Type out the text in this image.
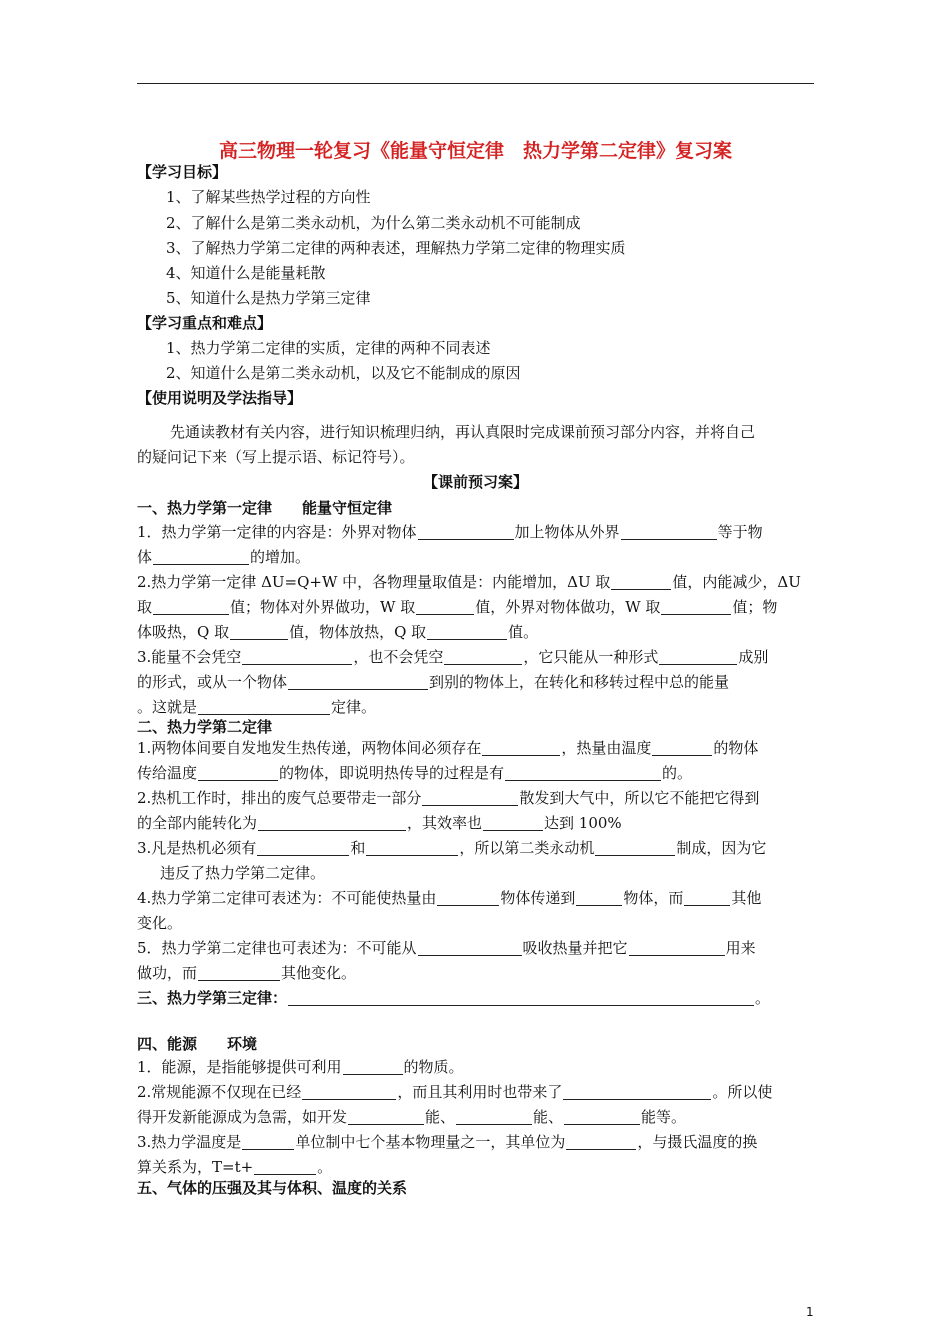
高三物理一轮复习《能量守恒定律　热力学第二定律》复习案
【学习目标】
1、了解某些热学过程的方向性
2、了解什么是第二类永动机，为什么第二类永动机不可能制成
3、了解热力学第二定律的两种表述，理解热力学第二定律的物理实质
4、知道什么是能量耗散
5、知道什么是热力学第三定律
【学习重点和难点】
1、热力学第二定律的实质，定律的两种不同表述
2、知道什么是第二类永动机，以及它不能制成的原因
【使用说明及学法指导】
先通读教材有关内容，进行知识梳理归纳，再认真限时完成课前预习部分内容，并将自己
的疑问记下来（写上提示语、标记符号）。
【课前预习案】
一、热力学第一定律　　能量守恒定律
1．热力学第一定律的内容是：外界对物体	加上物体从外界	等于物
体	的增加。
2.热力学第一定律 ΔU=Q+W 中，各物理量取值是：内能增加，ΔU 取	值，内能减少，ΔU
取	值；物体对外界做功，W 取	值，外界对物体做功，W 取	值；物
体吸热，Q 取	值，物体放热，Q 取	值。
3.能量不会凭空	，也不会凭空	，它只能从一种形式	成别
的形式，或从一个物体	到别的物体上，在转化和移转过程中总的能量
。这就是	定律。
二、热力学第二定律
1.两物体间要自发地发生热传递，两物体间必须存在	，热量由温度	的物体
传给温度	的物体，即说明热传导的过程是有	的。
2.热机工作时，排出的废气总要带走一部分	散发到大气中，所以它不能把它得到
的全部内能转化为	，其效率也	达到 100%
3.凡是热机必须有	和	，所以第二类永动机	制成，因为它
违反了热力学第二定律。
4.热力学第二定律可表述为：不可能使热量由	物体传递到	物体，而	其他
变化。
5．热力学第二定律也可表述为：不可能从	吸收热量并把它	用来
做功，而	其他变化。
三、热力学第三定律：	。
四、能源　　环境
1．能源，是指能够提供可利用	的物质。
2.常规能源不仅现在已经	，而且其利用时也带来了	。所以使
得开发新能源成为急需，如开发	能、	能、	能等。
3.热力学温度是	单位制中七个基本物理量之一，其单位为	，与摄氏温度的换
算关系为，T=t+	。
五、气体的压强及其与体积、温度的关系
1
